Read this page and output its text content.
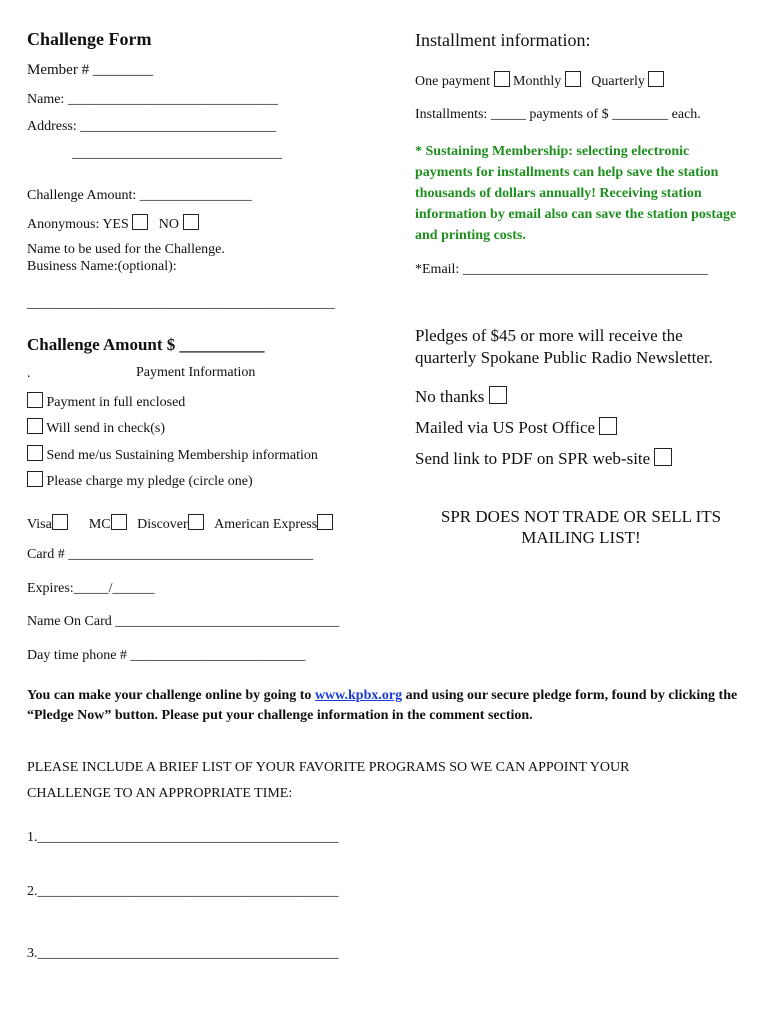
Challenge Form
Member # ________
Name: ______________________________
Address: ____________________________
______________________________
Challenge Amount: ________________
Anonymous: YES NO
Name to be used for the Challenge.
Business Name:(optional):
____________________________________________
Challenge Amount $ __________
.	Payment Information
Payment in full enclosed
Will send in check(s)
Send me/us Sustaining Membership information
Please charge my pledge (circle one)
Visa	MC Discover American Express
Card # ___________________________________
Expires:_____/______
Name On Card ________________________________
Day time phone # _________________________
Installment information:
One payment Monthly Quarterly
Installments: _____ payments of $ ________ each.
* Sustaining Membership: selecting electronic payments for installments can help save the station thousands of dollars annually! Receiving station information by email also can save the station postage and printing costs.
*Email: ___________________________________
Pledges of $45 or more will receive the quarterly Spokane Public Radio Newsletter.
No thanks
Mailed via US Post Office
Send link to PDF on SPR web-site
SPR DOES NOT TRADE OR SELL ITS MAILING LIST!
You can make your challenge online by going to www.kpbx.org and using our secure pledge form, found by clicking the “Pledge Now” button. Please put your challenge information in the comment section.
PLEASE INCLUDE A BRIEF LIST OF YOUR FAVORITE PROGRAMS SO WE CAN APPOINT YOUR
CHALLENGE TO AN APPROPRIATE TIME:
1.___________________________________________
2.___________________________________________
3.___________________________________________
